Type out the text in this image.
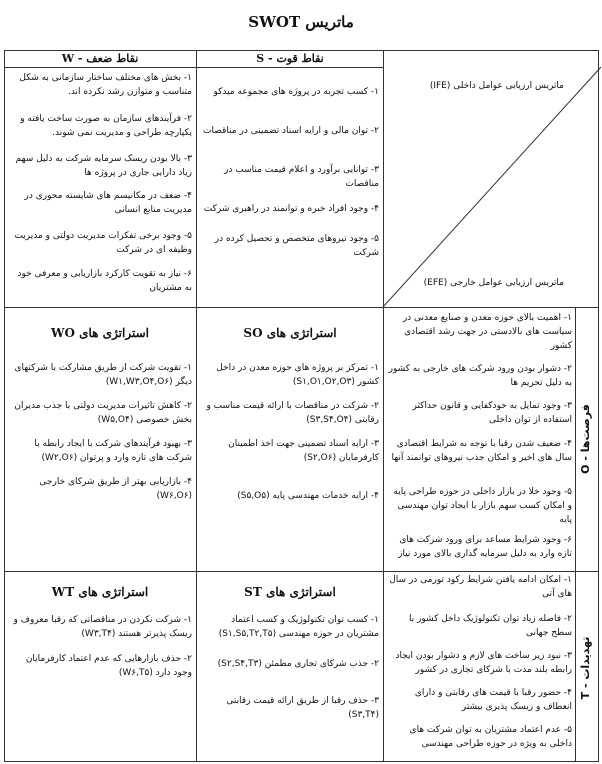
ماتریس SWOT
نقاط ضعف - W	نقاط قوت - S
ماتریس ارزیابی عوامل داخلی (IFE)
ماتریس ارزیابی عوامل خارجی (EFE)
۱- بخش های مختلف ساختار سازمانی به شکل متناسب و متوازن رشد نکرده اند.
۲- فرآیندهای سازمان به صورت ساخت یافته و یکپارچه طراحی و مدیریت نمی شوند.
۳- بالا بودن ریسک سرمایه شرکت به دلیل سهم زیاد دارایی جاری در پروژه ها
۴- ضعف در مکانیسم های شایسته محوری در مدیریت منابع انسانی
۵- وجود برخی تفکرات مدیریت دولتی و مدیریت وظیفه ای در شرکت
۶- نیاز به تقویت کارکرد بازاریابی و معرفی خود به مشتریان
۱- کسب تجربه در پروژه های مجموعه میدکو
۲- توان مالی و ارایه اسناد تضمینی در مناقصات
۳- توانایی برآورد و اعلام قیمت مناسب در مناقصات
۴- وجود افراد خبره و توانمند در راهبری شرکت
۵- وجود نیروهای متخصص و تحصیل کرده در شرکت
استراتژی های WO
۱- تقویت شرکت از طریق مشارکت با شرکتهای دیگر (W۱,W۳,O۴,O۶)
۲- کاهش تاثیرات مدیریت دولتی با جذب مدیران بخش خصوصی (W۵,O۴)
۳- بهبود فرآیندهای شرکت با ایجاد رابطه با شرکت های تازه وارد و پرتوان (W۲,O۶)
۴- بازاریابی بهتر از طریق شرکای خارجی (W۶,O۶)
استراتژی های SO
۱- تمرکز بر پروژه های حوزه معدن در داخل کشور (S۱,O۱,O۲,O۳)
۲- شرکت در مناقصات با ارائه قیمت مناسب و رقابتی (S۳,S۴,O۴)
۳- ارایه اسناد تضمینی جهت اخذ اطمینان کارفرمایان (S۲,O۶)
۴- ارایه خدمات مهندسی پایه (S۵,O۵)
۱- اهمیت بالای حوزه معدن و صنایع معدنی در سیاست های بالادستی در جهت رشد اقتصادی کشور
۲- دشوار بودن ورود شرکت های خارجی به کشور به دلیل تحریم ها
۳- وجود تمایل به خودکفایی و قانون حداکثر استفاده از توان داخلی
۴- ضعیف شدن رقبا با توجه به شرایط اقتصادی سال های اخیر و امکان جذب نیروهای توانمند آنها
۵- وجود خلا در بازار داخلی در حوزه طراحی پایه و امکان کسب سهم بازار با ایجاد توان مهندسی پایه
۶- وجود شرایط مساعد برای ورود شرکت های تازه وارد به دلیل سرمایه گذاری بالای مورد نیاز
فرصت‌ها - O
استراتژی های WT
۱- شرکت نکردن در مناقصاتی که رقبا معروف و ریسک پذیرتر هستند (W۳,T۴)
۲- حذف بازارهایی که عدم اعتماد کارفرمایان وجود دارد (W۶,T۵)
استراتژی های ST
۱- کسب توان تکنولوژیک و کسب اعتماد مشتریان در حوزه مهندسی (S۱,S۵,T۲,T۵)
۲- جذب شرکای تجاری مطمئن (S۲,S۴,T۳)
۳- حذف رقبا از طریق ارائه قیمت رقابتی (S۳,T۴)
۱- امکان ادامه یافتن شرایط رکود تورمی در سال های آتی
۲- فاصله زیاد توان تکنولوژیک داخل کشور با سطح جهانی
۳- نبود زیر ساخت های لازم و دشوار بودن ایجاد رابطه بلند مدت با شرکای تجاری در کشور
۴- حضور رقبا با قیمت های رقابتی و دارای انعطاف و ریسک پذیری بیشتر
۵- عدم اعتماد مشتریان به توان شرکت های داخلی به ویژه در حوزه طراحی مهندسی
تهدیدات - T
